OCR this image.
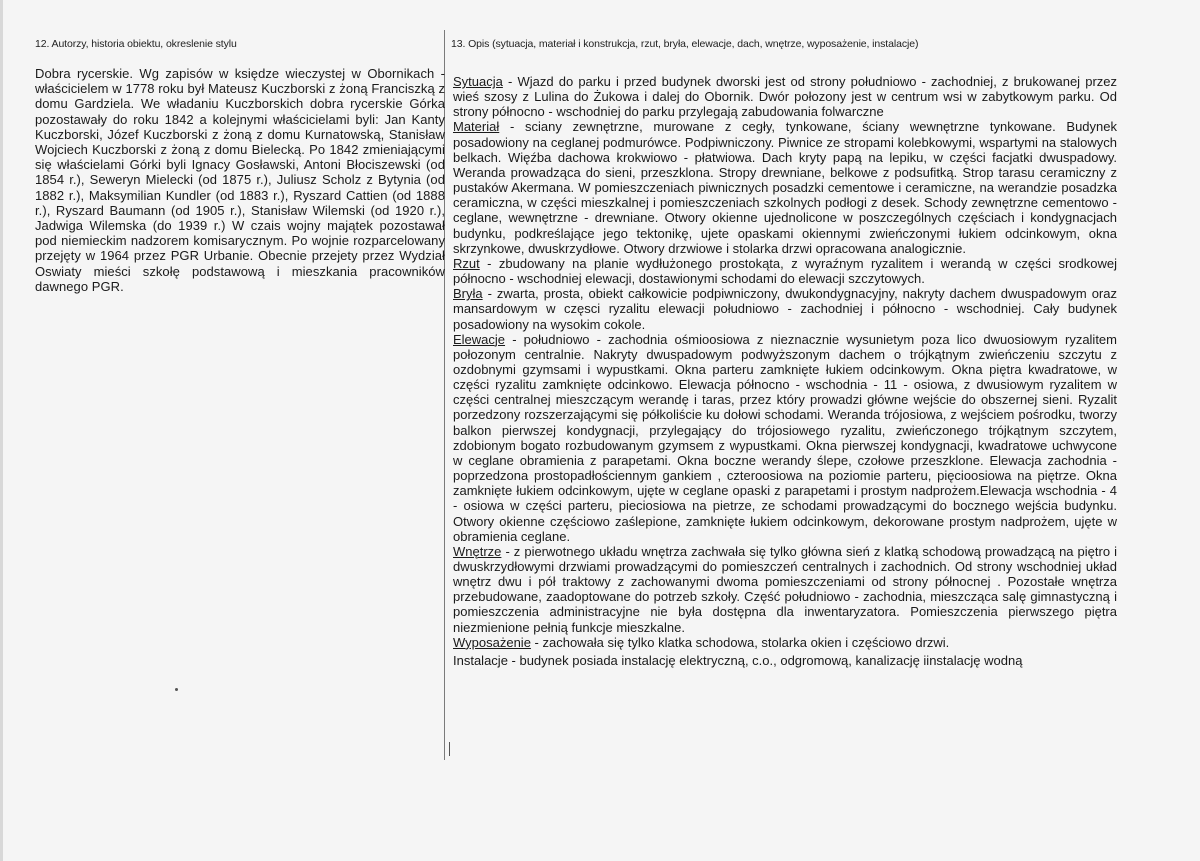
12. Autorzy, historia obiektu, okreslenie stylu	13. Opis (sytuacja, materiał i konstrukcja, rzut, bryła, elewacje, dach, wnętrze, wyposażenie, instalacje)

Dobra rycerskie. Wg zapisów w księdze wieczystej w Obornikach - właścicielem w 1778 roku był Mateusz Kuczborski z żoną Franciszką z domu Gardziela. We władaniu Kuczborskich dobra rycerskie Górka pozostawały do roku 1842 a kolejnymi właścicielami byli: Jan Kanty Kuczborski, Józef Kuczborski z żoną z domu Kurnatowską, Stanisław Wojciech Kuczborski z żoną z domu Bielecką. Po 1842 zmieniającymi się właścielami Górki byli Ignacy Gosławski, Antoni Błociszewski (od 1854 r.), Seweryn Mielecki (od 1875 r.), Juliusz Scholz z Bytynia (od 1882 r.), Maksymilian Kundler (od 1883 r.), Ryszard Cattien (od 1888 r.), Ryszard Baumann (od 1905 r.), Stanisław Wilemski (od 1920 r.), Jadwiga Wilemska (do 1939 r.) W czais wojny majątek pozostawał pod niemieckim nadzorem komisarycznym. Po wojnie rozparcelowany przejęty w 1964 przez PGR Urbanie. Obecnie przejety przez Wydział Oswiaty mieści szkołę podstawową i mieszkania pracowników dawnego PGR.

Sytuacja - Wjazd do parku i przed budynek dworski jest od strony południowo - zachodniej, z brukowanej przez wieś szosy z Lulina do Żukowa i dalej do Obornik. Dwór połozony jest w centrum wsi w zabytkowym parku. Od strony północno - wschodniej do parku przylegają zabudowania folwarczne

Materiał - sciany zewnętrzne, murowane z cegły, tynkowane, ściany wewnętrzne tynkowane. Budynek posadowiony na ceglanej podmurówce. Podpiwniczony. Piwnice ze stropami kolebkowymi, wspartymi na stalowych belkach. Więźba dachowa krokwiowo - płatwiowa. Dach kryty papą na lepiku, w części facjatki dwuspadowy. Weranda prowadząca do sieni, przeszklona. Stropy drewniane, belkowe z podsufitką. Strop tarasu ceramiczny z pustaków Akermana. W pomieszczeniach piwnicznych posadzki cementowe i ceramiczne, na werandzie posadzka ceramiczna, w części mieszkalnej i pomieszczeniach szkolnych podłogi z desek. Schody zewnętrzne cementowo - ceglane, wewnętrzne - drewniane. Otwory okienne ujednolicone w poszczególnych częściach i kondygnacjach budynku, podkreślające jego tektonikę, ujete opaskami okiennymi zwieńczonymi łukiem odcinkowym, okna skrzynkowe, dwuskrzydłowe. Otwory drzwiowe i stolarka drzwi opracowana analogicznie.

Rzut - zbudowany na planie wydłużonego prostokąta, z wyraźnym ryzalitem i werandą w części srodkowej północno - wschodniej elewacji, dostawionymi schodami do elewacji szczytowych.

Bryła - zwarta, prosta, obiekt całkowicie podpiwniczony, dwukondygnacyjny, nakryty dachem dwuspadowym oraz mansardowym w częsci ryzalitu elewacji południowo - zachodniej i północno - wschodniej. Cały budynek posadowiony na wysokim cokole.

Elewacje - południowo - zachodnia ośmioosiowa z nieznacznie wysunietym poza lico dwuosiowym ryzalitem połozonym centralnie. Nakryty dwuspadowym podwyższonym dachem o trójkątnym zwieńczeniu szczytu z ozdobnymi gzymsami i wypustkami. Okna parteru zamknięte łukiem odcinkowym. Okna piętra kwadratowe, w części ryzalitu zamknięte odcinkowo. Elewacja północno - wschodnia - 11 - osiowa, z dwusiowym ryzalitem w części centralnej mieszczącym werandę i taras, przez który prowadzi główne wejście do obszernej sieni. Ryzalit porzedzony rozszerzającymi się półkoliście ku dołowi schodami. Weranda trójosiowa, z wejściem pośrodku, tworzy balkon pierwszej kondygnacji, przylegający do trójosiowego ryzalitu, zwieńczonego trójkątnym szczytem, zdobionym bogato rozbudowanym gzymsem z wypustkami. Okna pierwszej kondygnacji, kwadratowe uchwycone w ceglane obramienia z parapetami. Okna boczne werandy ślepe, czołowe przeszklone. Elewacja zachodnia - poprzedzona prostopadłościennym gankiem , czteroosiowa na poziomie parteru, pięcioosiowa na piętrze. Okna zamknięte łukiem odcinkowym, ujęte w ceglane opaski z parapetami i prostym nadprożem.Elewacja wschodnia - 4 - osiowa w części parteru, pieciosiowa na pietrze, ze schodami prowadzącymi do bocznego wejścia budynku. Otwory okienne częściowo zaślepione, zamknięte łukiem odcinkowym, dekorowane prostym nadprożem, ujęte w obramienia ceglane.

Wnętrze - z pierwotnego układu wnętrza zachwała się tylko główna sień z klatką schodową prowadzącą na piętro i dwuskrzydłowymi drzwiami prowadzącymi do pomieszczeń centralnych i zachodnich. Od strony wschodniej układ wnętrz dwu i pół traktowy z zachowanymi dwoma pomieszczeniami od strony północnej . Pozostałe wnętrza przebudowane, zaadoptowane do potrzeb szkoły. Część południowo - zachodnia, mieszcząca salę gimnastyczną i pomieszczenia administracyjne nie była dostępna dla inwentaryzatora. Pomieszczenia pierwszego piętra niezmienione pełnią funkcje mieszkalne.

Wyposażenie - zachowała się tylko klatka schodowa, stolarka okien i częściowo drzwi.

Instalacje - budynek posiada instalację elektryczną, c.o., odgromową, kanalizację iinstalację wodną
